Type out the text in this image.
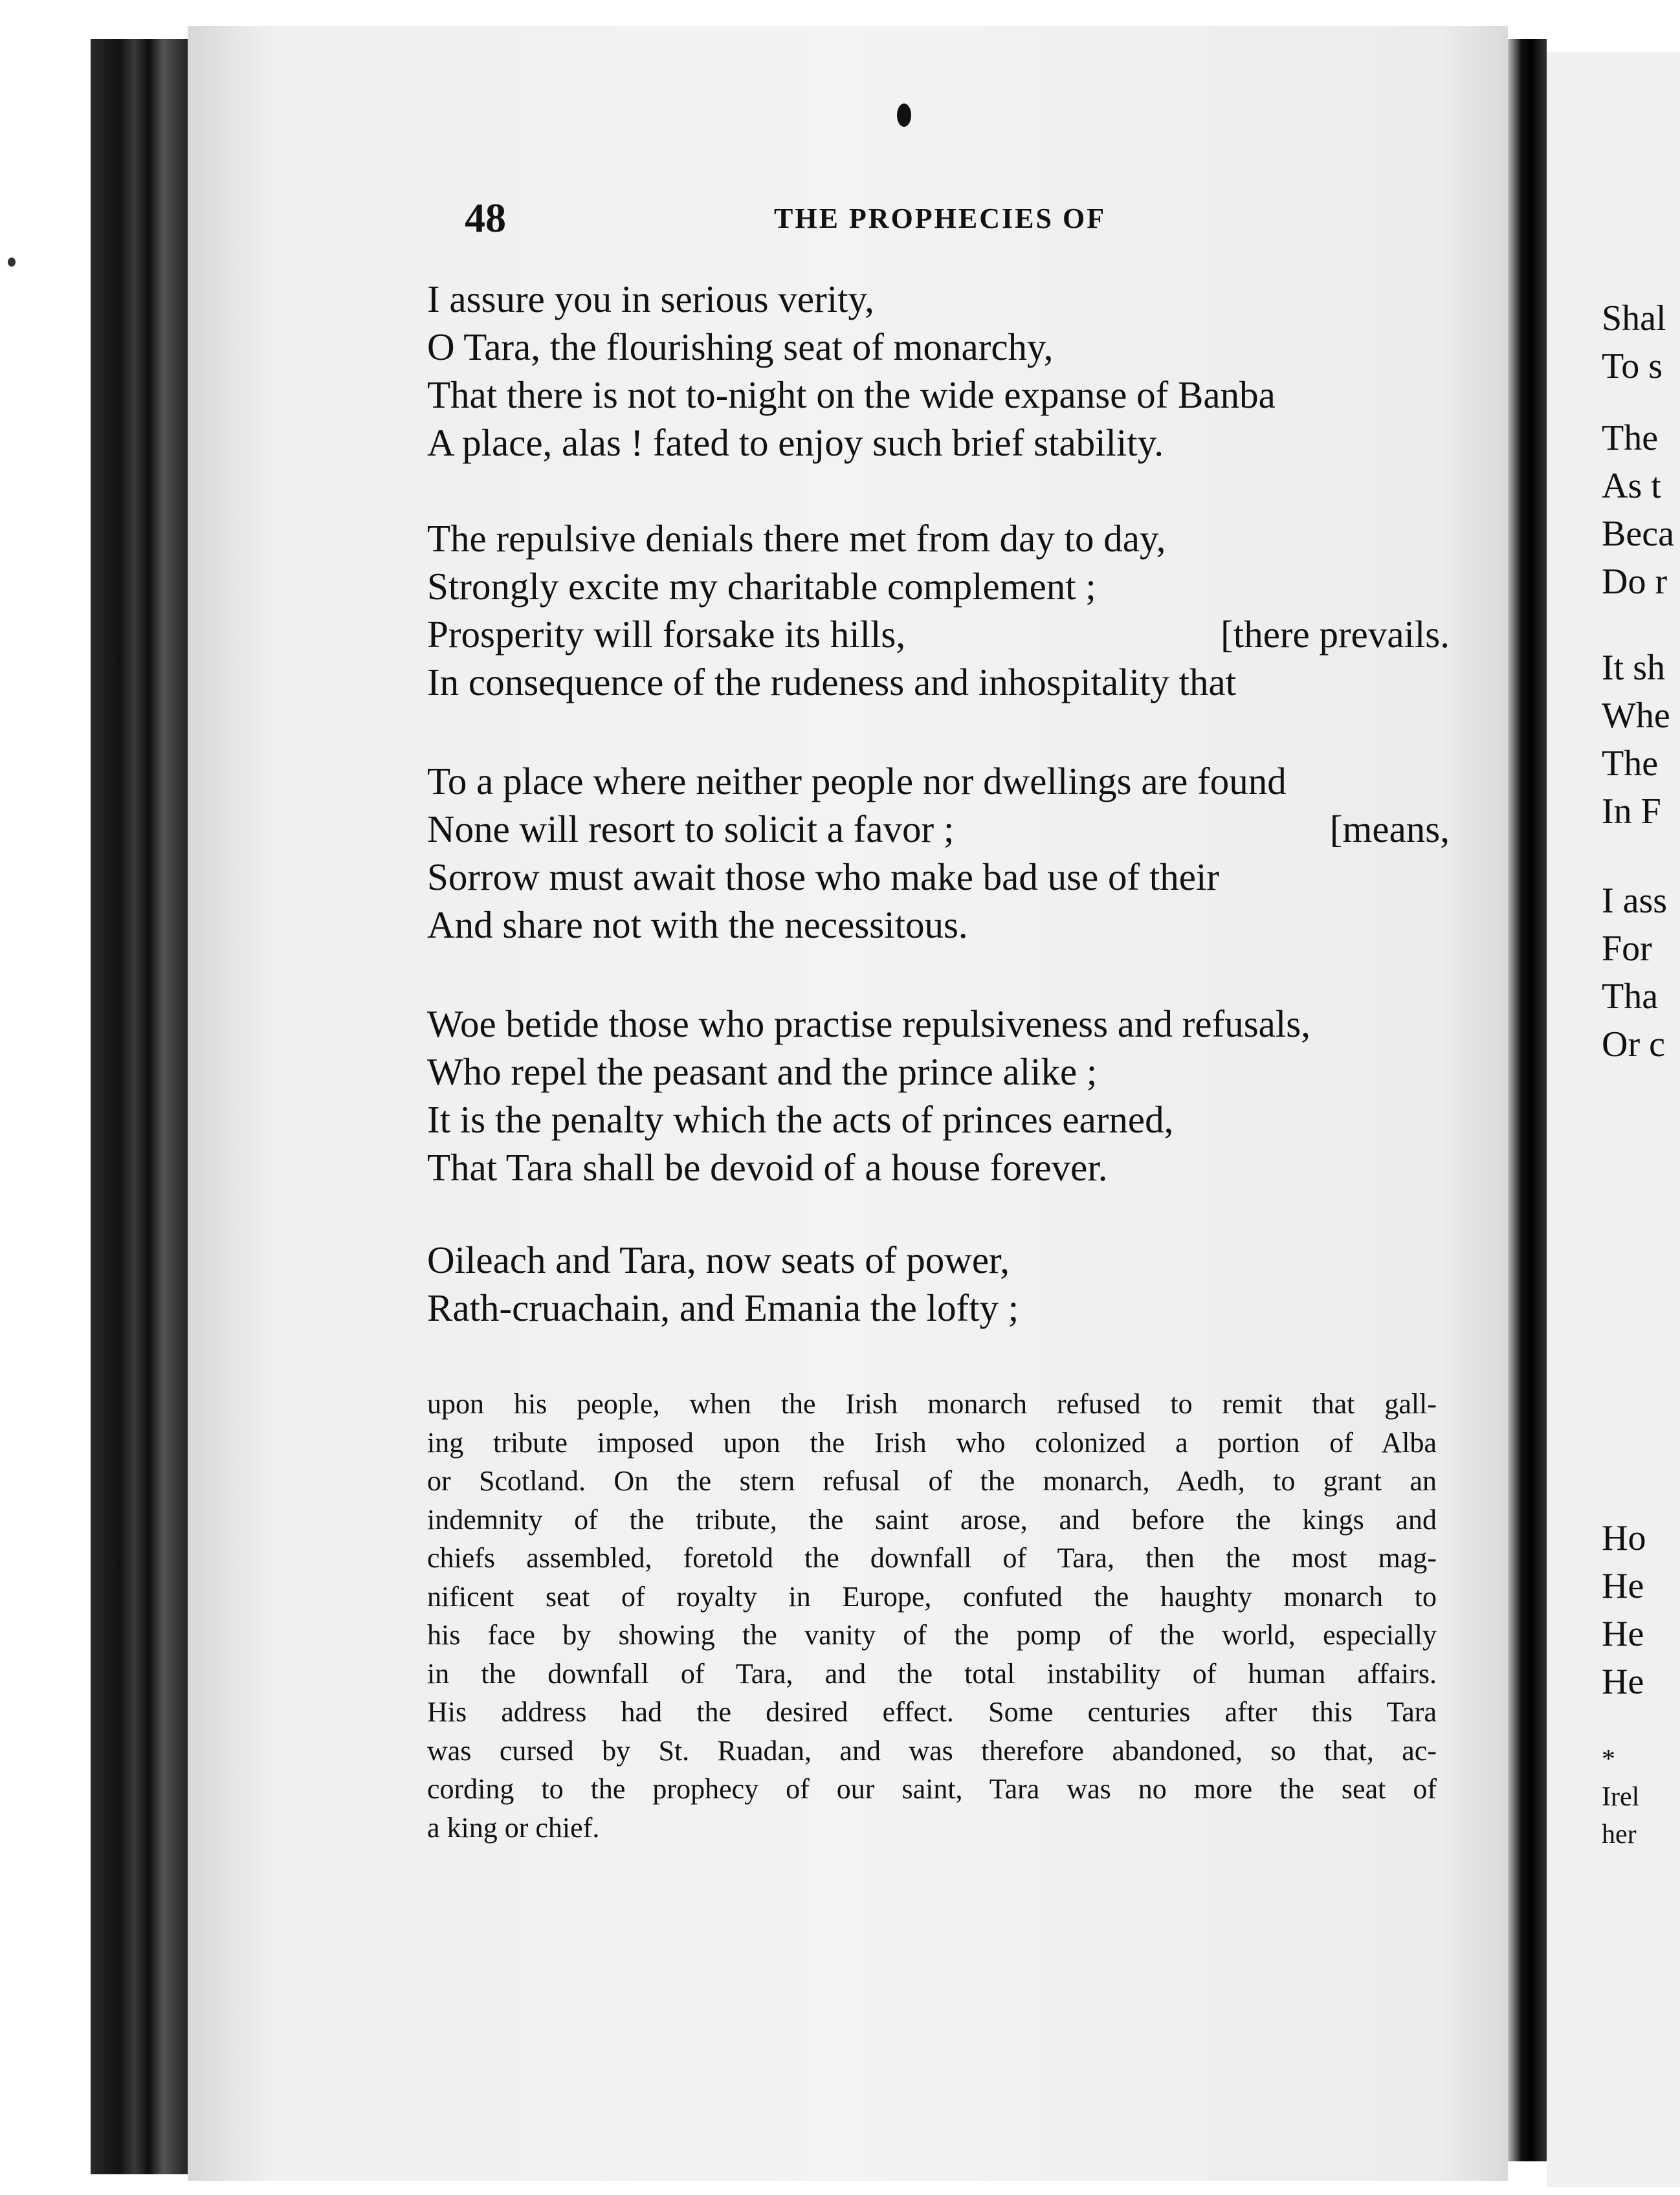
48	THE PROPHECIES OF
I assure you in serious verity,
O Tara, the flourishing seat of monarchy,
That there is not to-night on the wide expanse of Banba
A place, alas ! fated to enjoy such brief stability.
The repulsive denials there met from day to day,
Strongly excite my charitable complement ;
Prosperity will forsake its hills,	[there prevails.
In consequence of the rudeness and inhospitality that
To a place where neither people nor dwellings are found
None will resort to solicit a favor ;	[means,
Sorrow must await those who make bad use of their
And share not with the necessitous.
Woe betide those who practise repulsiveness and refusals,
Who repel the peasant and the prince alike ;
It is the penalty which the acts of princes earned,
That Tara shall be devoid of a house forever.
Oileach and Tara, now seats of power,
Rath-cruachain, and Emania the lofty ;
upon his people, when the Irish monarch refused to remit that gall-
ing tribute imposed upon the Irish who colonized a portion of Alba
or Scotland. On the stern refusal of the monarch, Aedh, to grant an
indemnity of the tribute, the saint arose, and before the kings and
chiefs assembled, foretold the downfall of Tara, then the most mag-
nificent seat of royalty in Europe, confuted the haughty monarch to
his face by showing the vanity of the pomp of the world, especially
in the downfall of Tara, and the total instability of human affairs.
His address had the desired effect. Some centuries after this Tara
was cursed by St. Ruadan, and was therefore abandoned, so that, ac-
cording to the prophecy of our saint, Tara was no more the seat of
a king or chief.
Shal
To s
The
As t
Beca
Do r
It sh
Whe
The
In F
I ass
For
Tha
Or c
Ho
He
He
He
*
Irel
her
